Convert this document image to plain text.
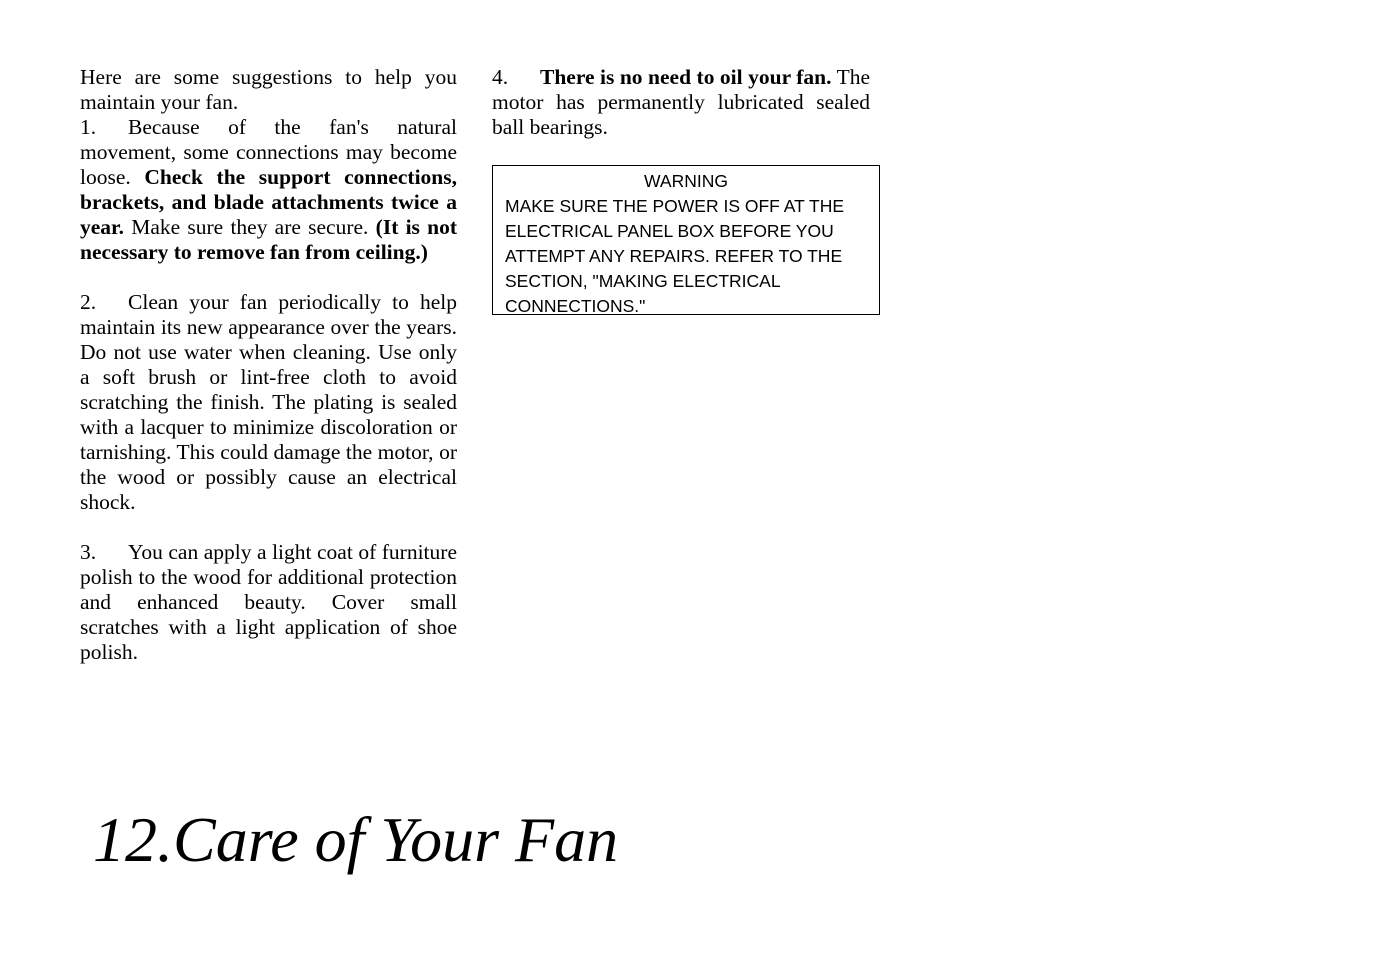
Here are some suggestions to help you maintain your fan.

1. Because of the fan's natural movement, some connections may become loose. Check the support connections, brackets, and blade attachments twice a year. Make sure they are secure. (It is not necessary to remove fan from ceiling.)

2. Clean your fan periodically to help maintain its new appearance over the years. Do not use water when cleaning. Use only a soft brush or lint-free cloth to avoid scratching the finish. The plating is sealed with a lacquer to minimize discoloration or tarnishing. This could damage the motor, or the wood or possibly cause an electrical shock.

3. You can apply a light coat of furniture polish to the wood for additional protection and enhanced beauty. Cover small scratches with a light application of shoe polish.

4. There is no need to oil your fan. The motor has permanently lubricated sealed ball bearings.

WARNING

MAKE SURE THE POWER IS OFF AT THE ELECTRICAL PANEL BOX BEFORE YOU ATTEMPT ANY REPAIRS. REFER TO THE SECTION, "MAKING ELECTRICAL CONNECTIONS."

12.Care of Your Fan
